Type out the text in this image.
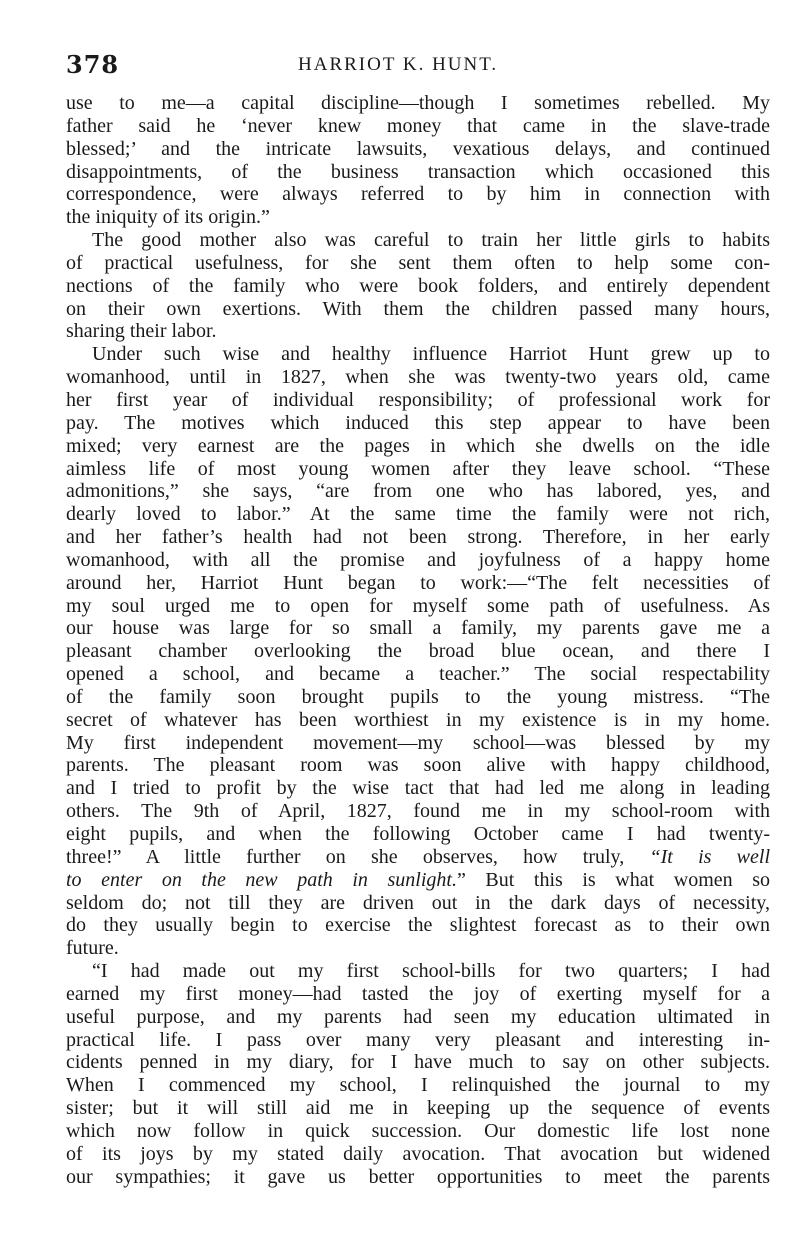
378	HARRIOT K. HUNT.
use to me—a capital discipline—though I sometimes rebelled. My
father said he ‘never knew money that came in the slave-trade
blessed;’ and the intricate lawsuits, vexatious delays, and continued
disappointments, of the business transaction which occasioned this
correspondence, were always referred to by him in connection with
the iniquity of its origin.”
The good mother also was careful to train her little girls to habits
of practical usefulness, for she sent them often to help some con-
nections of the family who were book folders, and entirely dependent
on their own exertions. With them the children passed many hours,
sharing their labor.
Under such wise and healthy influence Harriot Hunt grew up to
womanhood, until in 1827, when she was twenty-two years old, came
her first year of individual responsibility; of professional work for
pay. The motives which induced this step appear to have been
mixed; very earnest are the pages in which she dwells on the idle
aimless life of most young women after they leave school. “These
admonitions,” she says, “are from one who has labored, yes, and
dearly loved to labor.” At the same time the family were not rich,
and her father’s health had not been strong. Therefore, in her early
womanhood, with all the promise and joyfulness of a happy home
around her, Harriot Hunt began to work:—“The felt necessities of
my soul urged me to open for myself some path of usefulness. As
our house was large for so small a family, my parents gave me a
pleasant chamber overlooking the broad blue ocean, and there I
opened a school, and became a teacher.” The social respectability
of the family soon brought pupils to the young mistress. “The
secret of whatever has been worthiest in my existence is in my home.
My first independent movement—my school—was blessed by my
parents. The pleasant room was soon alive with happy childhood,
and I tried to profit by the wise tact that had led me along in leading
others. The 9th of April, 1827, found me in my school-room with
eight pupils, and when the following October came I had twenty-
three!” A little further on she observes, how truly, “It is well
to enter on the new path in sunlight.” But this is what women so
seldom do; not till they are driven out in the dark days of necessity,
do they usually begin to exercise the slightest forecast as to their own
future.
“I had made out my first school-bills for two quarters; I had
earned my first money—had tasted the joy of exerting myself for a
useful purpose, and my parents had seen my education ultimated in
practical life. I pass over many very pleasant and interesting in-
cidents penned in my diary, for I have much to say on other subjects.
When I commenced my school, I relinquished the journal to my
sister; but it will still aid me in keeping up the sequence of events
which now follow in quick succession. Our domestic life lost none
of its joys by my stated daily avocation. That avocation but widened
our sympathies; it gave us better opportunities to meet the parents
